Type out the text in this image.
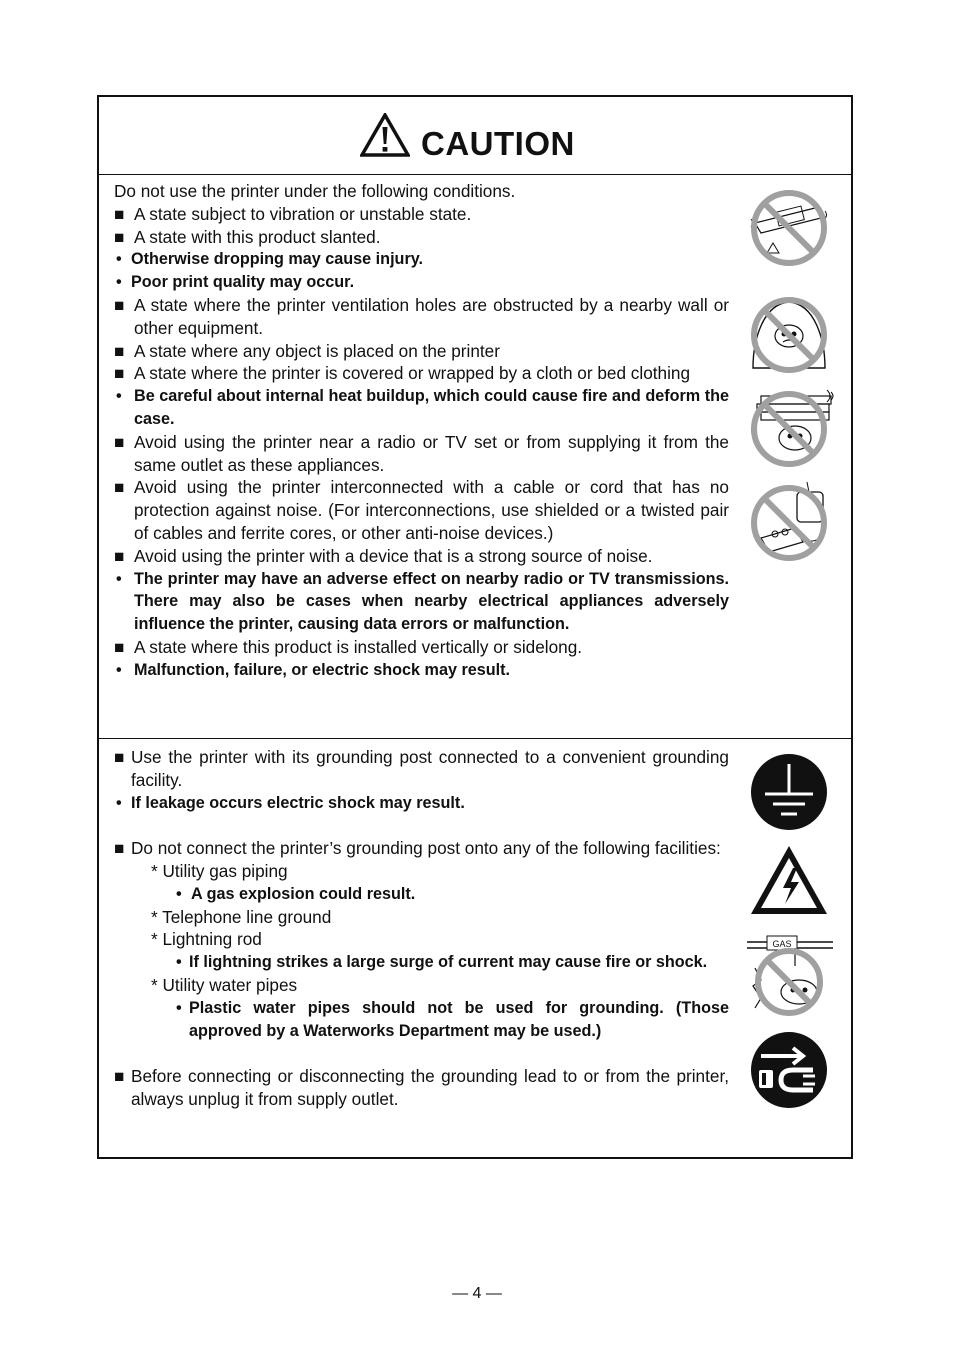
CAUTION
Do not use the printer under the following conditions.
■ A state subject to vibration or unstable state.
■ A state with this product slanted.
• Otherwise dropping may cause injury.
• Poor print quality may occur.
■ A state where the printer ventilation holes are obstructed by a nearby wall or other equipment.
■ A state where any object is placed on the printer
■ A state where the printer is covered or wrapped by a cloth or bed clothing
• Be careful about internal heat buildup, which could cause fire and deform the case.
■ Avoid using the printer near a radio or TV set or from supplying it from the same outlet as these appliances.
■ Avoid using the printer interconnected with a cable or cord that has no protection against noise. (For interconnections, use shielded or a twisted pair of cables and ferrite cores, or other anti-noise devices.)
■ Avoid using the printer with a device that is a strong source of noise.
• The printer may have an adverse effect on nearby radio or TV transmissions. There may also be cases when nearby electrical appliances adversely influence the printer, causing data errors or malfunction.
■ A state where this product is installed vertically or sidelong.
• Malfunction, failure, or electric shock may result.
■ Use the printer with its grounding post connected to a convenient grounding facility.
• If leakage occurs electric shock may result.
■ Do not connect the printer’s grounding post onto any of the following facilities:
* Utility gas piping
• A gas explosion could result.
* Telephone line ground
* Lightning rod
• If lightning strikes a large surge of current may cause fire or shock.
* Utility water pipes
• Plastic water pipes should not be used for grounding. (Those approved by a Waterworks Department may be used.)
■ Before connecting or disconnecting the grounding lead to or from the printer, always unplug it from supply outlet.
GAS
— 4 —
